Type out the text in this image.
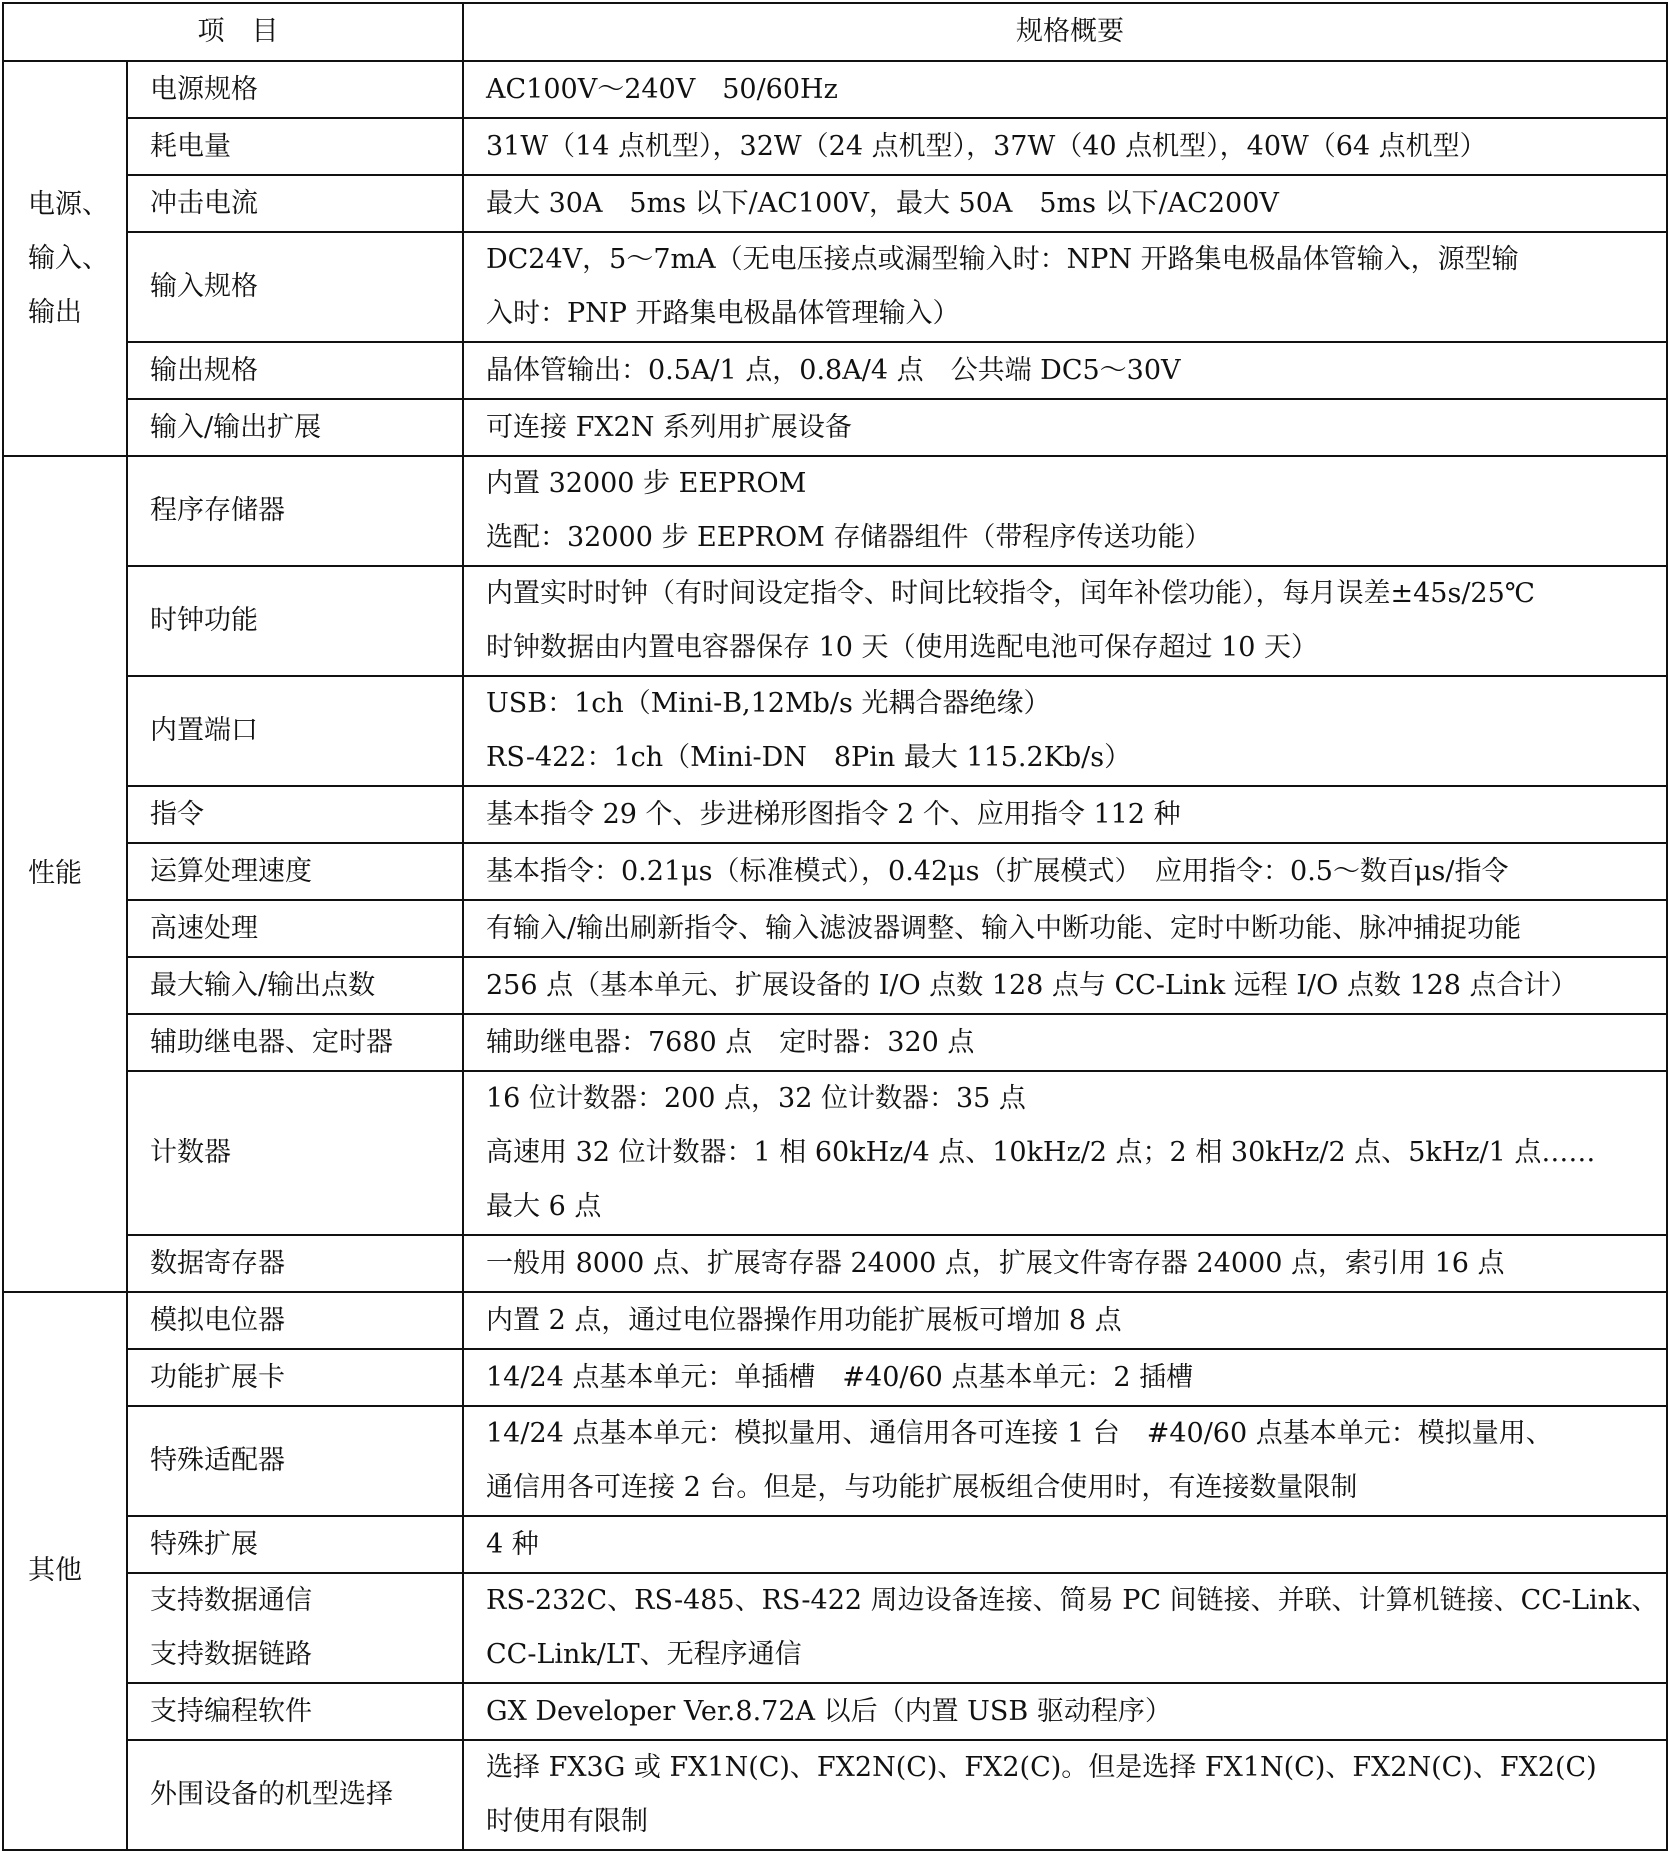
项　目		规格概要

电源、
输入、
输出	电源规格	AC100V～240V　50/60Hz

	耗电量	31W（14 点机型），32W（24 点机型），37W（40 点机型），40W（64 点机型）

	冲击电流	最大 30A　5ms 以下/AC100V，最大 50A　5ms 以下/AC200V

	输入规格	DC24V，5～7mA（无电压接点或漏型输入时：NPN 开路集电极晶体管输入，源型输
入时：PNP 开路集电极晶体管理输入）

	输出规格	晶体管输出：0.5A/1 点，0.8A/4 点　公共端 DC5～30V

	输入/输出扩展	可连接 FX2N 系列用扩展设备

性能	程序存储器	内置 32000 步 EEPROM
选配：32000 步 EEPROM 存储器组件（带程序传送功能）

	时钟功能	内置实时时钟（有时间设定指令、时间比较指令，闰年补偿功能），每月误差±45s/25℃
时钟数据由内置电容器保存 10 天（使用选配电池可保存超过 10 天）

	内置端口	USB：1ch（Mini-B,12Mb/s 光耦合器绝缘）
RS-422：1ch（Mini-DN　8Pin 最大 115.2Kb/s）

	指令	基本指令 29 个、步进梯形图指令 2 个、应用指令 112 种

	运算处理速度	基本指令：0.21μs（标准模式），0.42μs（扩展模式）　应用指令：0.5～数百μs/指令

	高速处理	有输入/输出刷新指令、输入滤波器调整、输入中断功能、定时中断功能、脉冲捕捉功能

	最大输入/输出点数	256 点（基本单元、扩展设备的 I/O 点数 128 点与 CC-Link 远程 I/O 点数 128 点合计）

	辅助继电器、定时器	辅助继电器：7680 点　定时器：320 点

	计数器	16 位计数器：200 点，32 位计数器：35 点
高速用 32 位计数器：1 相 60kHz/4 点、10kHz/2 点；2 相 30kHz/2 点、5kHz/1 点……
最大 6 点

	数据寄存器	一般用 8000 点、扩展寄存器 24000 点，扩展文件寄存器 24000 点，索引用 16 点

其他	模拟电位器	内置 2 点，通过电位器操作用功能扩展板可增加 8 点

	功能扩展卡	14/24 点基本单元：单插槽　#40/60 点基本单元：2 插槽

	特殊适配器	14/24 点基本单元：模拟量用、通信用各可连接 1 台　#40/60 点基本单元：模拟量用、
通信用各可连接 2 台。但是，与功能扩展板组合使用时，有连接数量限制

	特殊扩展	4 种

	支持数据通信
支持数据链路	RS-232C、RS-485、RS-422 周边设备连接、简易 PC 间链接、并联、计算机链接、CC-Link、
CC-Link/LT、无程序通信

	支持编程软件	GX Developer Ver.8.72A 以后（内置 USB 驱动程序）

	外围设备的机型选择	选择 FX3G 或 FX1N(C)、FX2N(C)、FX2(C)。但是选择 FX1N(C)、FX2N(C)、FX2(C)
时使用有限制
